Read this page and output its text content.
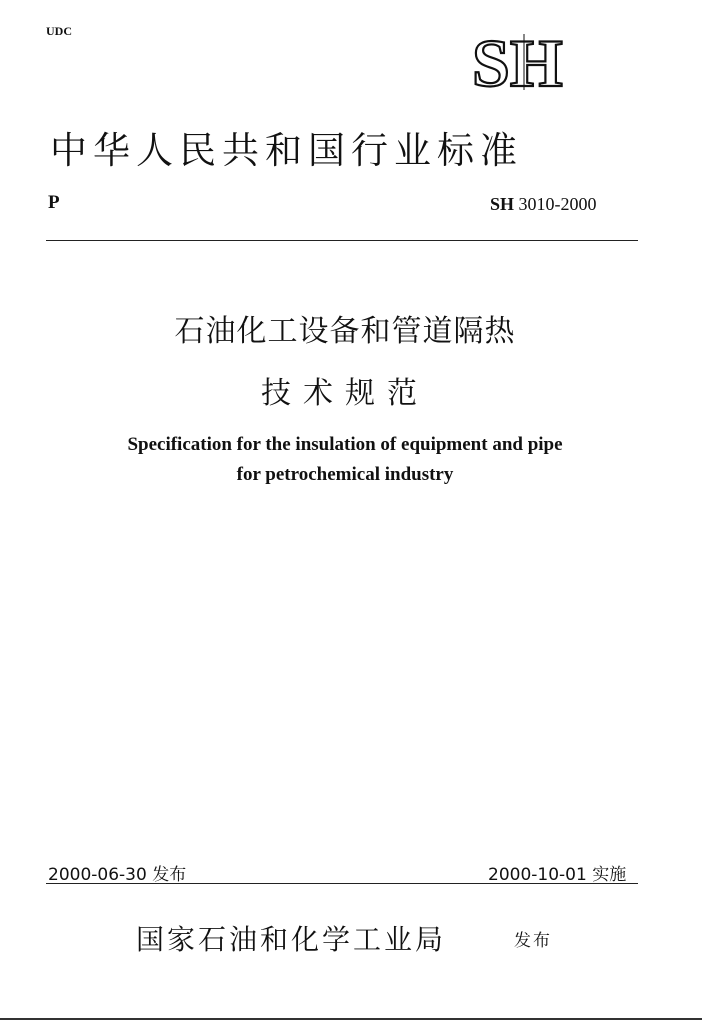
UDC	SH
中华人民共和国行业标准
P	SH 3010-2000
石油化工设备和管道隔热
技术规范
Specification for the insulation of equipment and pipe
for petrochemical industry
2000-06-30 发布	2000-10-01 实施
国家石油和化学工业局	发布
